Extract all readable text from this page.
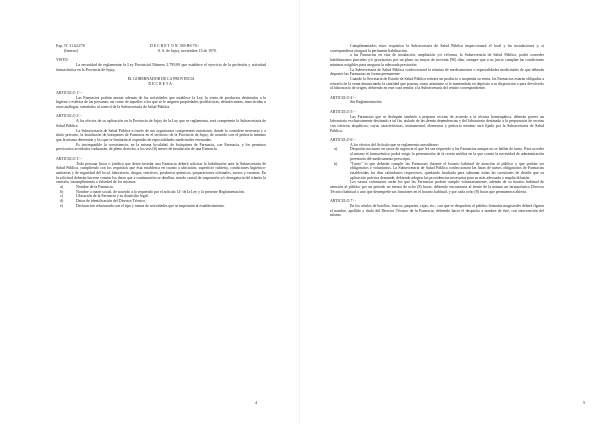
Exp. Nº 31.622/70	D E C R E T O Nº 339-BS-70.-
(Interno)	S. S. de Jujuy, noviembre 13 de 1970.

VISTO:

La necesidad de reglamentar la Ley Provincial Número 2.795/69 que establece el ejercicio de la profesión y actividad farmacéutica en la Provincia de Jujuy,

EL GOBERNADOR DE LA PROVINCIA

D E C R E T A :

ARTICULO 1º.-

Las Farmacias podrán anexar además de las actividades que establece la Ley, la venta de productos destinados a la higiene o estética de las personas; así como de aquellos a los que se le asignen propiedades profilácticas, desinfectantes, insecticidas u otras análogas, sometidos al control de la Subsecretaría de Salud Pública.

ARTICULO 2º.-

A los efectos de su aplicación en la Provincia de Jujuy de la Ley que se reglamenta, será competente la Subsecretaría de Salud Pública.

La Subsecretaría de Salud Pública a través de sus organismos competentes autorizará, donde lo considere necesario y a título precario, la instalación de botiquines de Farmacia en el territorio de la Provincia de Jujuy, de acuerdo con el petitorio mínimo que la misma determine y los que se limitarán al expendio de especialidades medicinales envasadas.

Es incompatible la coexistencia, en la misma localidad, de botiquines de Farmacia, con Farmacia, y los permisos provisorios acordados caducarán, de pleno derecho, a los seis (6) meses de instalación de una Farmacia.

ARTICULO 3º.-

Toda persona física o jurídica que desee instalar una Farmacia deberá solicitar la habilitación ante la Subsecretaría de Salud Pública, cumpliendo con los requisitos que ésta establezca en cuanto a ubicación, superficie cubierta, condiciones higiénico-sanitarias y de seguridad del local, laboratorio, drogas, reactivos, productos químicos, preparaciones oficinales, sueros y vacunas. En la solicitud deberán hacerse constar los datos que a continuación se detallan, siendo causal de suspensión y/o denegatoria del trámite la omisión, incumplimiento o falsedad de los mismos:

a)	Nombre de la Farmacia.
b)	Nombre o razón social, de acuerdo a lo requerido por el artículo 14º de la Ley y la presente Reglamentación.
c)	Ubicación de la Farmacia y su domicilio legal.
d)	Datos de identificación del Director Técnico.
e)	Declaración relacionada con el tipo y ramas de actividades que se imprimirá al establecimiento.
4

Cumplimentados estos requisitos la Subsecretaría de Salud Pública inspeccionará el local y las instalaciones y, si correspondiera otorgará la pertinente habilitación.

a las Farmacias en vías de instalación, ampliación y/o reforma, la Subsecretaría de Salud Pública, podrá conceder habilitaciones parciales y/o provisorias por un plazo no mayor de noventa (90) días, siempre que a su juicio cumplan las condiciones mínimas exigibles para asegurar la adecuada prestación.

La Subsecretaría de Salud Pública confeccionará la nómina de medicamentos o especialidades medicinales de que deberán disponer las Farmacias en forma permanente.

Cuando la Secretaría de Estado de Salud Pública retirara un producto o suspenda su venta, las Farmacias estarán obligadas a retirarlo de la venta denunciando la cantidad que posean, como asimismo si lo mantendrán en depósito a su disposición o para devolverlo al laboratorio de origen, debiendo en este caso remitir a la Subsecretaría del remito correspondiente.

ARTICULO 4º.-

Sin Reglamentación.

ARTICULO 5º.-

Las Farmacias que se dediquen también a preparar recetas de acuerdo a la técnica homeopática, deberán poseer un laboratorio exclusivamente destinado a tal fin, aislado de las demás dependencias y del laboratorio destinado a la preparación de recetas con criterios alopáticos; cuyas características, instrumental, elementos y petitorio mínimo será fijado por la Subsecretaría de Salud Pública.

ARTICULO 6º.-

A los efectos del Artículo que se reglamenta considérase:

a)	Despacho nocturno en casos de urgencia el que les sea requerido a las Farmacias aunque no se hallen de turno. Para acceder al mismo el farmacéutico podrá exigir la presentación de la receta médica en la que conste la necesidad de administración perentoria del medicamento prescripto.
b)	"Turno" lo que deberán cumplir las Farmacias durante el horario habitual de atención al público y que podrán ser obligatorios o voluntarios. La Subsecretaría de Salud Pública confeccionará las listas de turnos obligatorios de Farmacias establecidas los días calendarios respectivos, quedando facultada para subsanar todas las cuestiones de detalle que su aplicación práctica demande, debiendo adoptar las providencias necesarias para su más adecuada y amplia difusión.

Los turnos voluntarios serán los que las Farmacias podrán cumplir voluntariamente, además de su horario habitual de atención al público por un período no menor de ocho (8) horas, debiendo encontrarse al frente de la misma un farmacéutico Director Técnico habitual o uno que desempeñe sus funciones en el horario habitual, y por cada ocho (8) horas que permanezca abierta.

ARTICULO 7º.-

En los rótulos de botellas, frascos, paquetes, cajas, etc., con que se despachen al público fórmulas magistrales deberá figurar el nombre, apellido y título del Director Técnico de la Farmacia; debiendo hacer el despacho a nombre de éste, con intervención del mismo.

5
